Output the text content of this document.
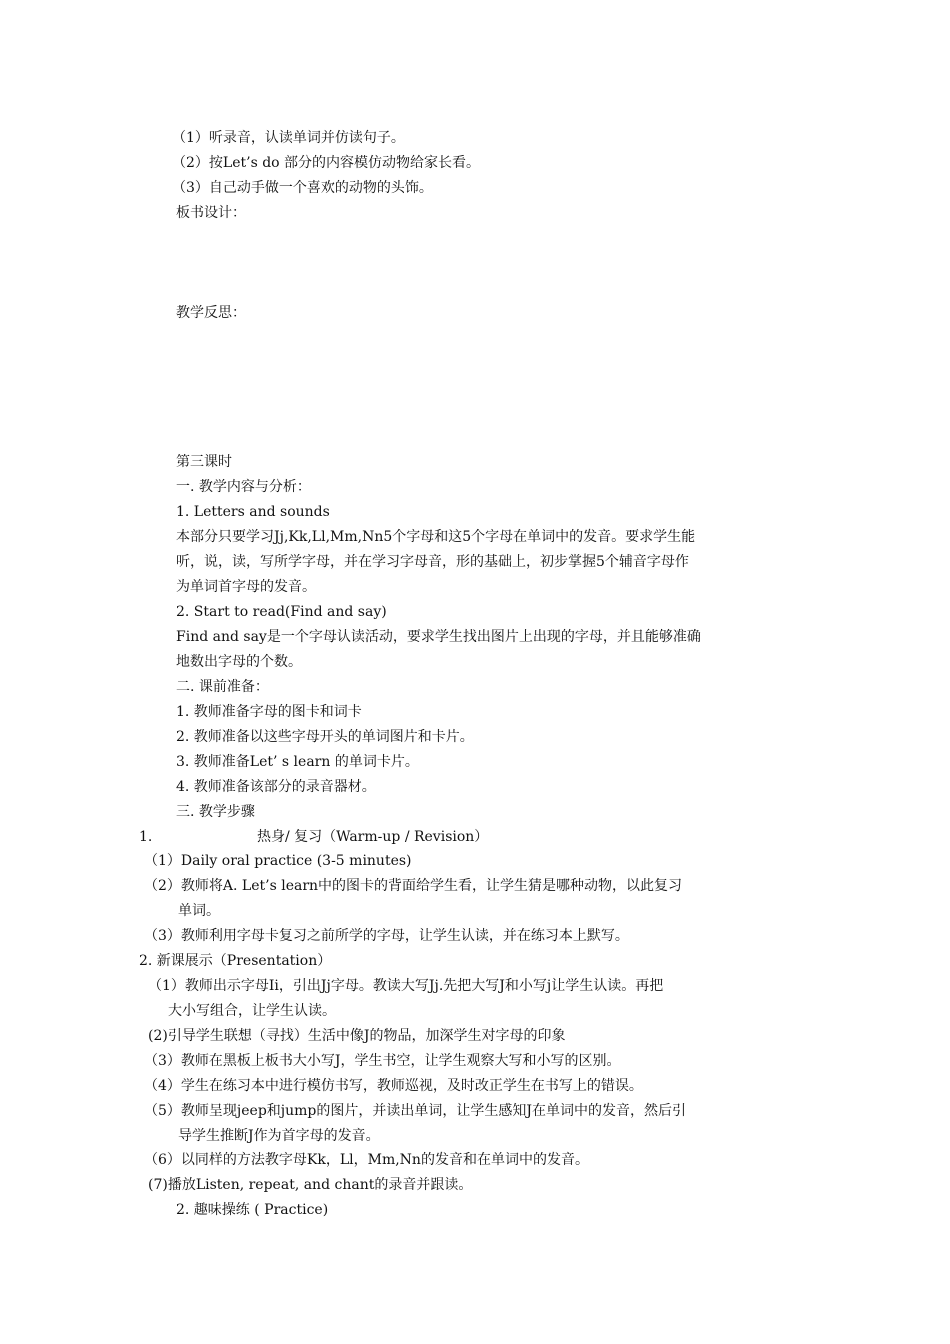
（1）听录音，认读单词并仿读句子。
（2）按Let’s do 部分的内容模仿动物给家长看。
（3）自己动手做一个喜欢的动物的头饰。
板书设计：
教学反思：
第三课时
一. 教学内容与分析：
1. Letters and sounds
本部分只要学习Jj,Kk,Ll,Mm,Nn5个字母和这5个字母在单词中的发音。要求学生能
听，说，读，写所学字母，并在学习字母音，形的基础上，初步掌握5个辅音字母作
为单词首字母的发音。
2. Start to read(Find and say)
Find and say是一个字母认读活动，要求学生找出图片上出现的字母，并且能够准确
地数出字母的个数。
二. 课前准备：
1. 教师准备字母的图卡和词卡
2. 教师准备以这些字母开头的单词图片和卡片。
3. 教师准备Let’ s learn 的单词卡片。
4. 教师准备该部分的录音器材。
三. 教学步骤
1.	热身/ 复习（Warm-up / Revision）
（1）Daily oral practice (3-5 minutes)
（2）教师将A. Let’s learn中的图卡的背面给学生看，让学生猜是哪种动物，以此复习
单词。
（3）教师利用字母卡复习之前所学的字母，让学生认读，并在练习本上默写。
2. 新课展示（Presentation）
（1）教师出示字母Ii，引出Jj字母。教读大写Jj.先把大写J和小写j让学生认读。再把
大小写组合，让学生认读。
(2)引导学生联想（寻找）生活中像J的物品，加深学生对字母的印象
（3）教师在黑板上板书大小写J，学生书空，让学生观察大写和小写的区别。
（4）学生在练习本中进行模仿书写，教师巡视，及时改正学生在书写上的错误。
（5）教师呈现jeep和jump的图片，并读出单词，让学生感知J在单词中的发音，然后引
导学生推断J作为首字母的发音。
（6）以同样的方法教字母Kk，Ll，Mm,Nn的发音和在单词中的发音。
(7)播放Listen, repeat, and chant的录音并跟读。
2. 趣味操练 ( Practice)
